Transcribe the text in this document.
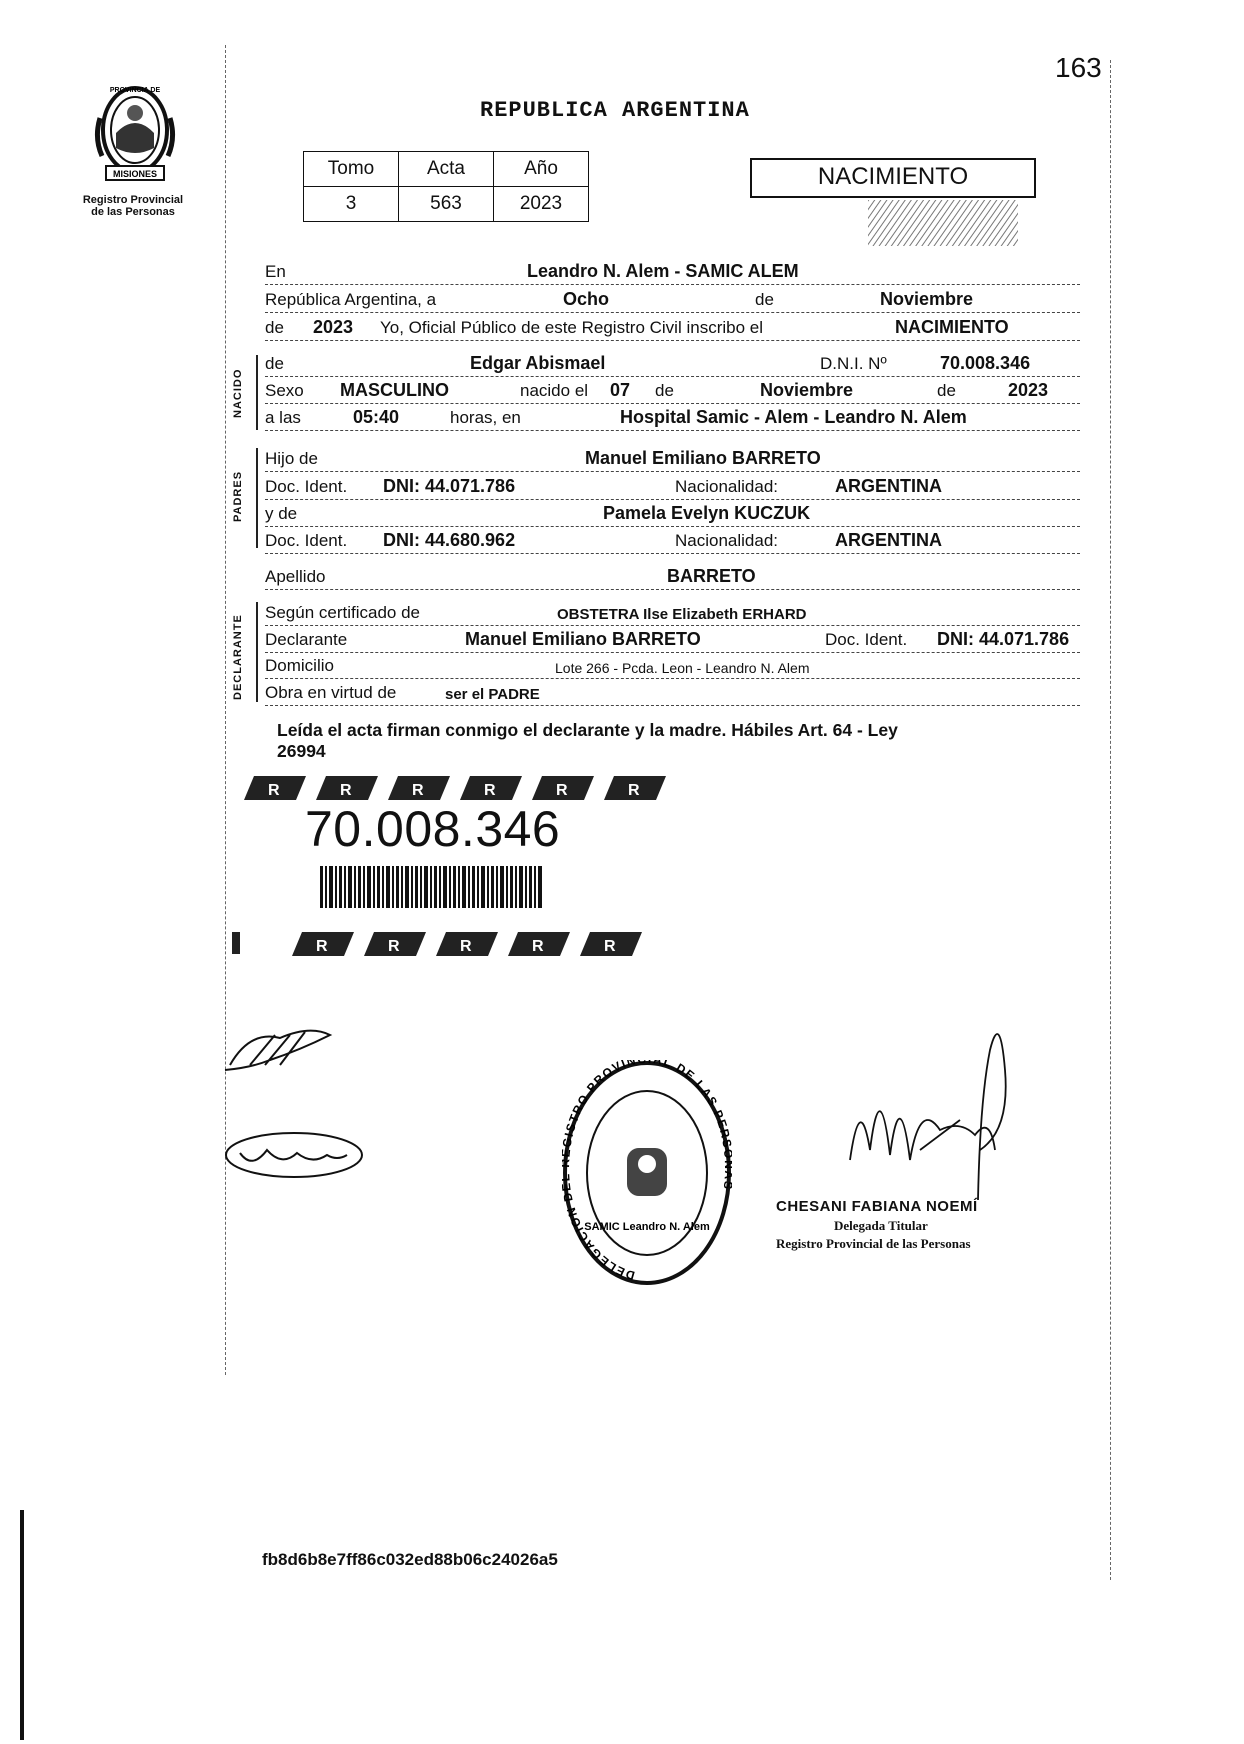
163
MISIONES
PROVINCIA DE
Registro Provincial
de las Personas
REPUBLICA ARGENTINA
Tomo	Acta	Año
3	563	2023
NACIMIENTO
NACIDO
PADRES
DECLARANTE
En	Leandro N. Alem - SAMIC ALEM
República Argentina, a	Ocho	de	Noviembre
de 2023 Yo, Oficial Público de este Registro Civil inscribo el	NACIMIENTO
de	Edgar Abismael	D.N.I. Nº	70.008.346
Sexo MASCULINO	nacido el 07 de	Noviembre	de	2023
a las	05:40	horas, en	Hospital Samic - Alem - Leandro N. Alem
Hijo de	Manuel Emiliano BARRETO
Doc. Ident. DNI: 44.071.786	Nacionalidad:	ARGENTINA
y de	Pamela Evelyn KUCZUK
Doc. Ident. DNI: 44.680.962	Nacionalidad:	ARGENTINA
Apellido	BARRETO
Según certificado de	OBSTETRA Ilse Elizabeth ERHARD
Declarante	Manuel Emiliano BARRETO	Doc. Ident. DNI: 44.071.786
Domicilio	Lote 266 - Pcda. Leon - Leandro N. Alem
Obra en virtud de	ser el PADRE
Leída el acta firman conmigo el declarante y la madre. Hábiles Art. 64 - Ley
26994
R	R	R	R	R	R
70.008.346
R	R	R	R	R
DELEGACION ISTRO PROVIN AL DE LAS PER
SAMIC Leandro N. Alem
CHESANI FABIANA NOEMÍ
Delegada Titular
Registro Provincial de las Personas
fb8d6b8e7ff86c032ed88b06c24026a5
